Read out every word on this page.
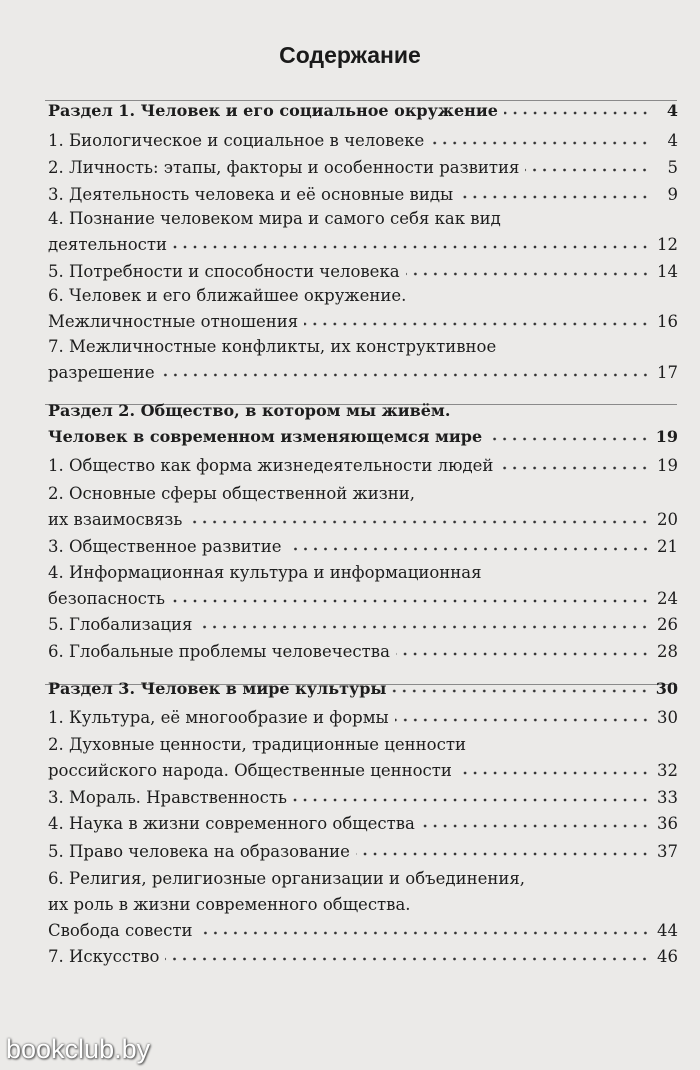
Содержание
Раздел 1. Человек и его социальное окружение	4
1. Биологическое и социальное в человеке	4
2. Личность: этапы, факторы и особенности развития	5
3. Деятельность человека и её основные виды	9
4. Познание человеком мира и самого себя как вид
деятельности	12
5. Потребности и способности человека	14
6. Человек и его ближайшее окружение.
Межличностные отношения	16
7. Межличностные конфликты, их конструктивное
разрешение	17
Раздел 2. Общество, в котором мы живём.
Человек в современном изменяющемся мире	19
1. Общество как форма жизнедеятельности людей	19
2. Основные сферы общественной жизни,
их взаимосвязь	20
3. Общественное развитие	21
4. Информационная культура и информационная
безопасность	24
5. Глобализация	26
6. Глобальные проблемы человечества	28
Раздел 3. Человек в мире культуры	30
1. Культура, её многообразие и формы	30
2. Духовные ценности, традиционные ценности
российского народа. Общественные ценности	32
3. Мораль. Нравственность	33
4. Наука в жизни современного общества	36
5. Право человека на образование	37
6. Религия, религиозные организации и объединения,
их роль в жизни современного общества.
Свобода совести	44
7. Искусство	46
bookclub.by
